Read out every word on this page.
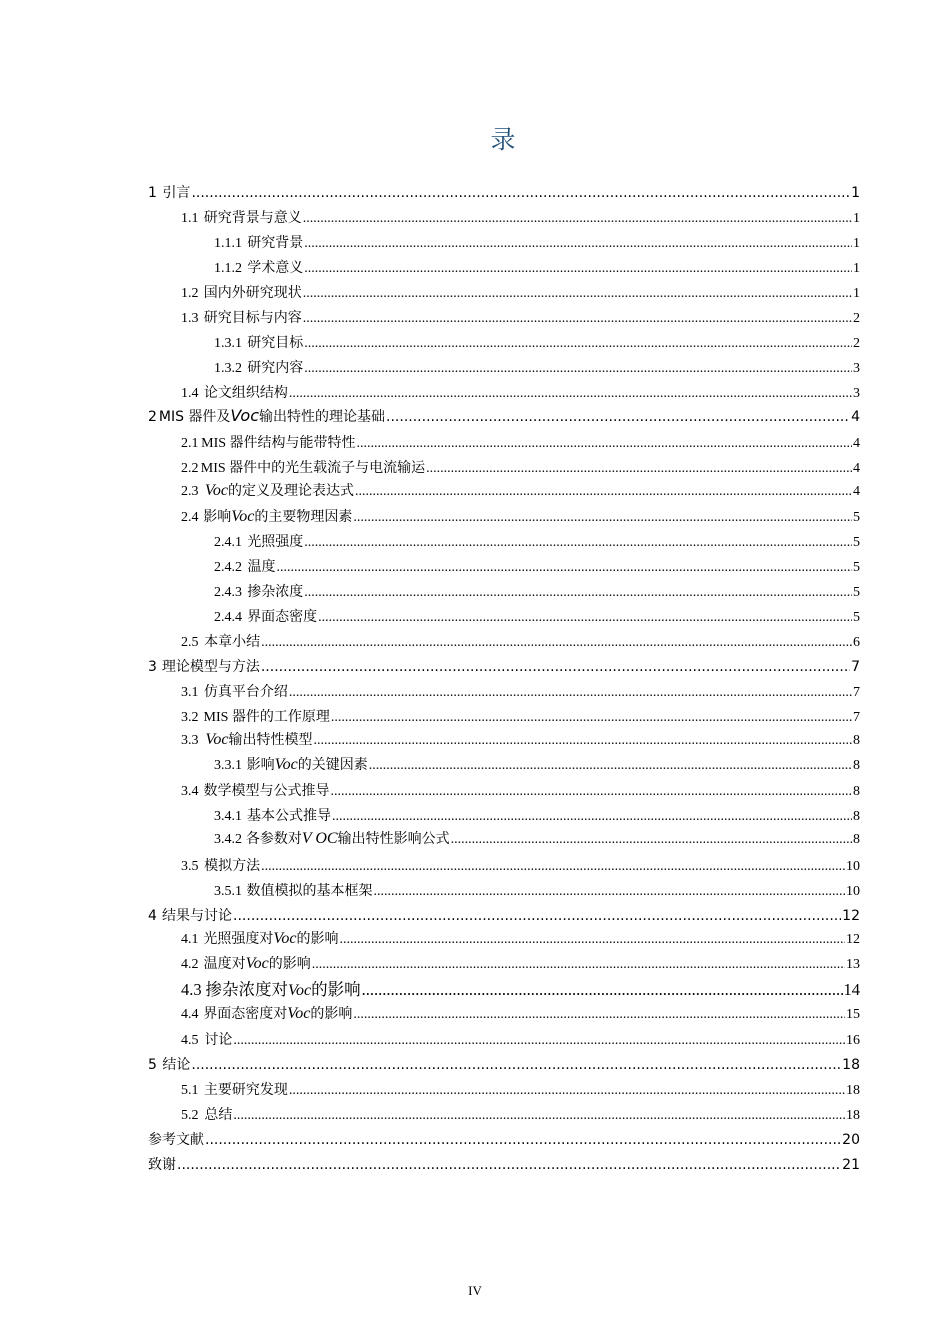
录
1 引言 .....	1
1.1 研究背景与意义 .....	1
1.1.1 研究背景 .....	1
1.1.2 学术意义 .....	1
1.2 国内外研究现状 .....	1
1.3 研究目标与内容 .....	2
1.3.1 研究目标 .....	2
1.3.2 研究内容 .....	3
1.4 论文组织结构 .....	3
2 MIS 器件及 Voc 输出特性的理论基础 .....	4
2.1 MIS 器件结构与能带特性 .....	4
2.2 MIS 器件中的光生载流子与电流输运 .....	4
2.3 Voc 的定义及理论表达式 .....	4
2.4 影响 Voc 的主要物理因素 .....	5
2.4.1 光照强度 .....	5
2.4.2 温度 .....	5
2.4.3 掺杂浓度 .....	5
2.4.4 界面态密度 .....	5
2.5 本章小结 .....	6
3 理论模型与方法 .....	7
3.1 仿真平台介绍 .....	7
3.2 MIS 器件的工作原理 .....	7
3.3 Voc 输出特性模型 .....	8
3.3.1 影响 Voc 的关键因素 .....	8
3.4 数学模型与公式推导 .....	8
3.4.1 基本公式推导 .....	8
3.4.2 各参数对 V OC 输出特性影响公式 .....	8
3.5 模拟方法 .....	10
3.5.1 数值模拟的基本框架 .....	10
4 结果与讨论 .....	12
4.1 光照强度对 Voc 的影响 .....	12
4.2 温度对 Voc 的影响 .....	13
4.3 掺杂浓度对 Voc 的影响 .....	14
4.4 界面态密度对 Voc 的影响 .....	15
4.5 讨论 .....	16
5 结论 .....	18
5.1 主要研究发现 .....	18
5.2 总结 .....	18
参考文献 .....	20
致谢 .....	21
IV
